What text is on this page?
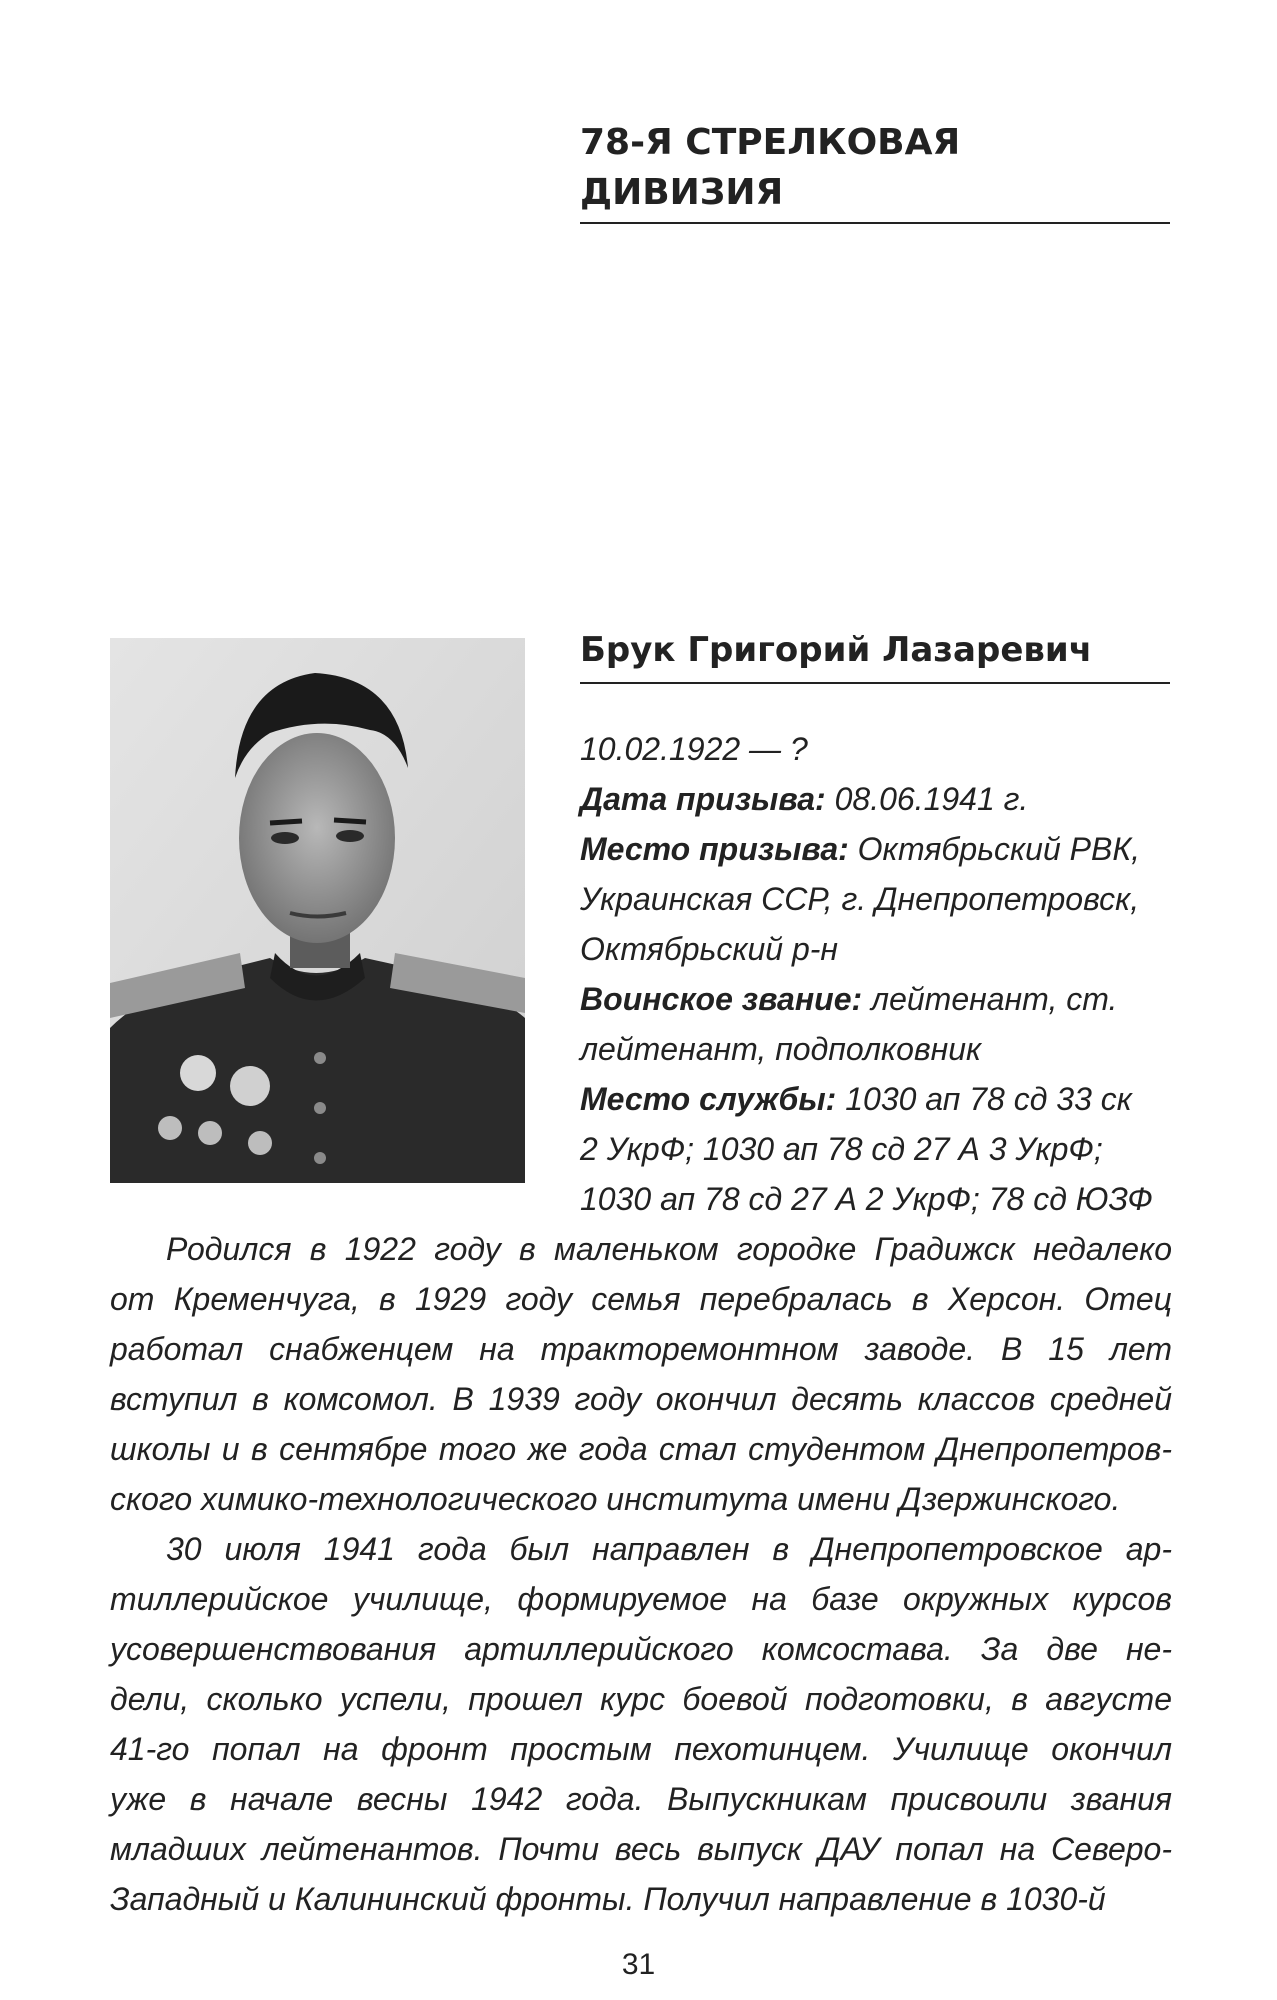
78-Я СТРЕЛКОВАЯ
ДИВИЗИЯ
Брук Григорий Лазаревич
10.02.1922 — ?
Дата призыва: 08.06.1941 г.
Место призыва: Октябрьский РВК,
Украинская ССР, г. Днепропетровск,
Октябрьский р-н
Воинское звание: лейтенант, ст.
лейтенант, подполковник
Место службы: 1030 ап 78 сд 33 ск
2 УкрФ; 1030 ап 78 сд 27 А 3 УкрФ;
1030 ап 78 сд 27 А 2 УкрФ; 78 сд ЮЗФ
Родился в 1922 году в маленьком городке Градижск недалеко
от Кременчуга, в 1929 году семья перебралась в Херсон. Отец
работал снабженцем на тракторемонтном заводе. В 15 лет
вступил в комсомол. В 1939 году окончил десять классов средней
школы и в сентябре того же года стал студентом Днепропетров-
ского химико-технологического института имени Дзержинского.
30 июля 1941 года был направлен в Днепропетровское ар-
тиллерийское училище, формируемое на базе окружных курсов
усовершенствования артиллерийского комсостава. За две не-
дели, сколько успели, прошел курс боевой подготовки, в августе
41-го попал на фронт простым пехотинцем. Училище окончил
уже в начале весны 1942 года. Выпускникам присвоили звания
младших лейтенантов. Почти весь выпуск ДАУ попал на Северо-
Западный и Калининский фронты. Получил направление в 1030-й
31
